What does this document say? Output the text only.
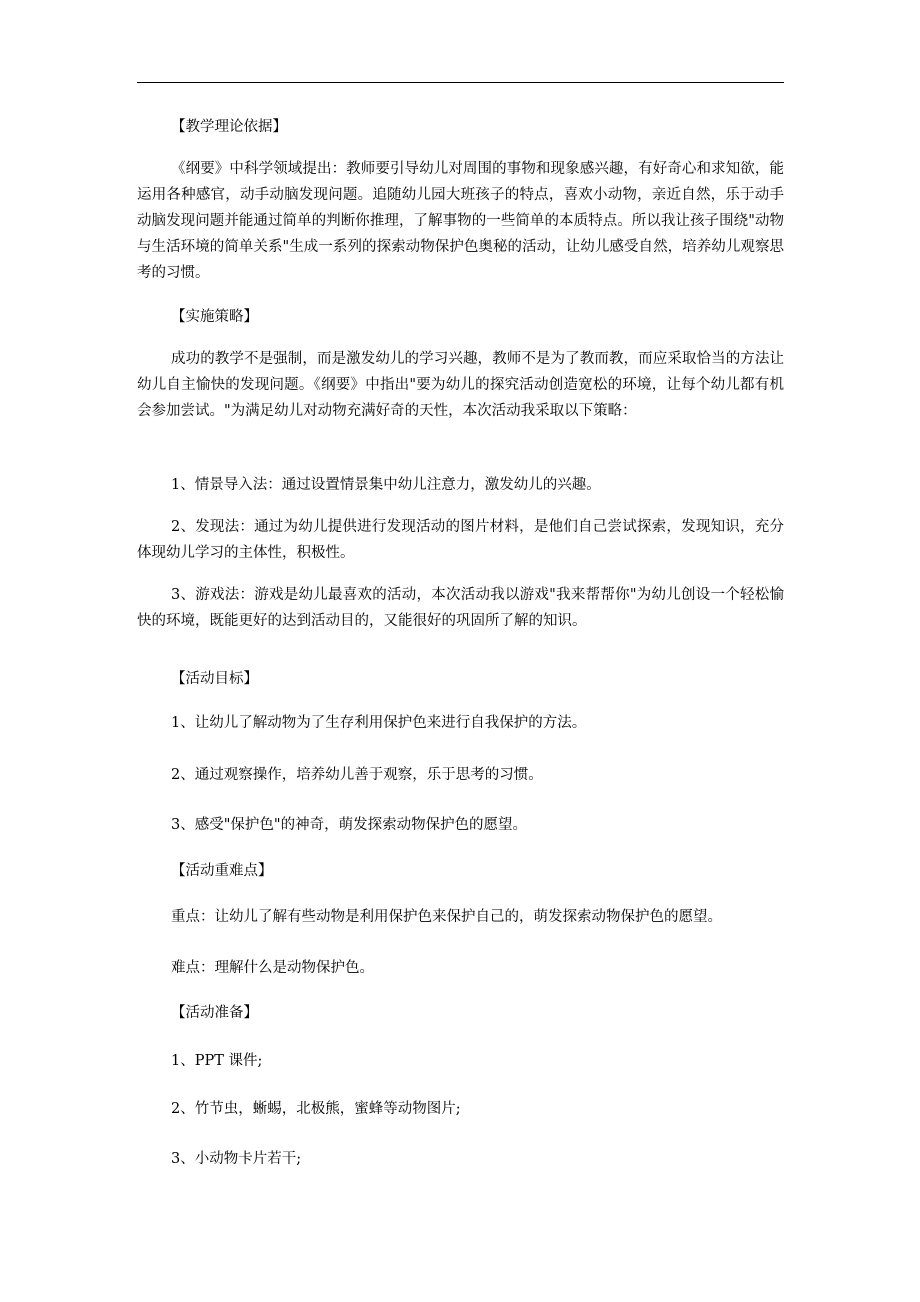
【教学理论依据】
《纲要》中科学领域提出：教师要引导幼儿对周围的事物和现象感兴趣，有好奇心和求知欲，能运用各种感官，动手动脑发现问题。追随幼儿园大班孩子的特点，喜欢小动物，亲近自然，乐于动手动脑发现问题并能通过简单的判断你推理，了解事物的一些简单的本质特点。所以我让孩子围绕"动物与生活环境的简单关系"生成一系列的探索动物保护色奥秘的活动，让幼儿感受自然，培养幼儿观察思考的习惯。
【实施策略】
成功的教学不是强制，而是激发幼儿的学习兴趣，教师不是为了教而教，而应采取恰当的方法让幼儿自主愉快的发现问题。《纲要》中指出"要为幼儿的探究活动创造宽松的环境，让每个幼儿都有机会参加尝试。"为满足幼儿对动物充满好奇的天性，本次活动我采取以下策略：
1、情景导入法：通过设置情景集中幼儿注意力，激发幼儿的兴趣。
2、发现法：通过为幼儿提供进行发现活动的图片材料，是他们自己尝试探索，发现知识，充分体现幼儿学习的主体性，积极性。
3、游戏法：游戏是幼儿最喜欢的活动，本次活动我以游戏"我来帮帮你"为幼儿创设一个轻松愉快的环境，既能更好的达到活动目的，又能很好的巩固所了解的知识。
【活动目标】
1、让幼儿了解动物为了生存利用保护色来进行自我保护的方法。
2、通过观察操作，培养幼儿善于观察，乐于思考的习惯。
3、感受"保护色"的神奇，萌发探索动物保护色的愿望。
【活动重难点】
重点：让幼儿了解有些动物是利用保护色来保护自己的，萌发探索动物保护色的愿望。
难点：理解什么是动物保护色。
【活动准备】
1、PPT 课件;
2、竹节虫，蜥蜴，北极熊，蜜蜂等动物图片;
3、小动物卡片若干;
